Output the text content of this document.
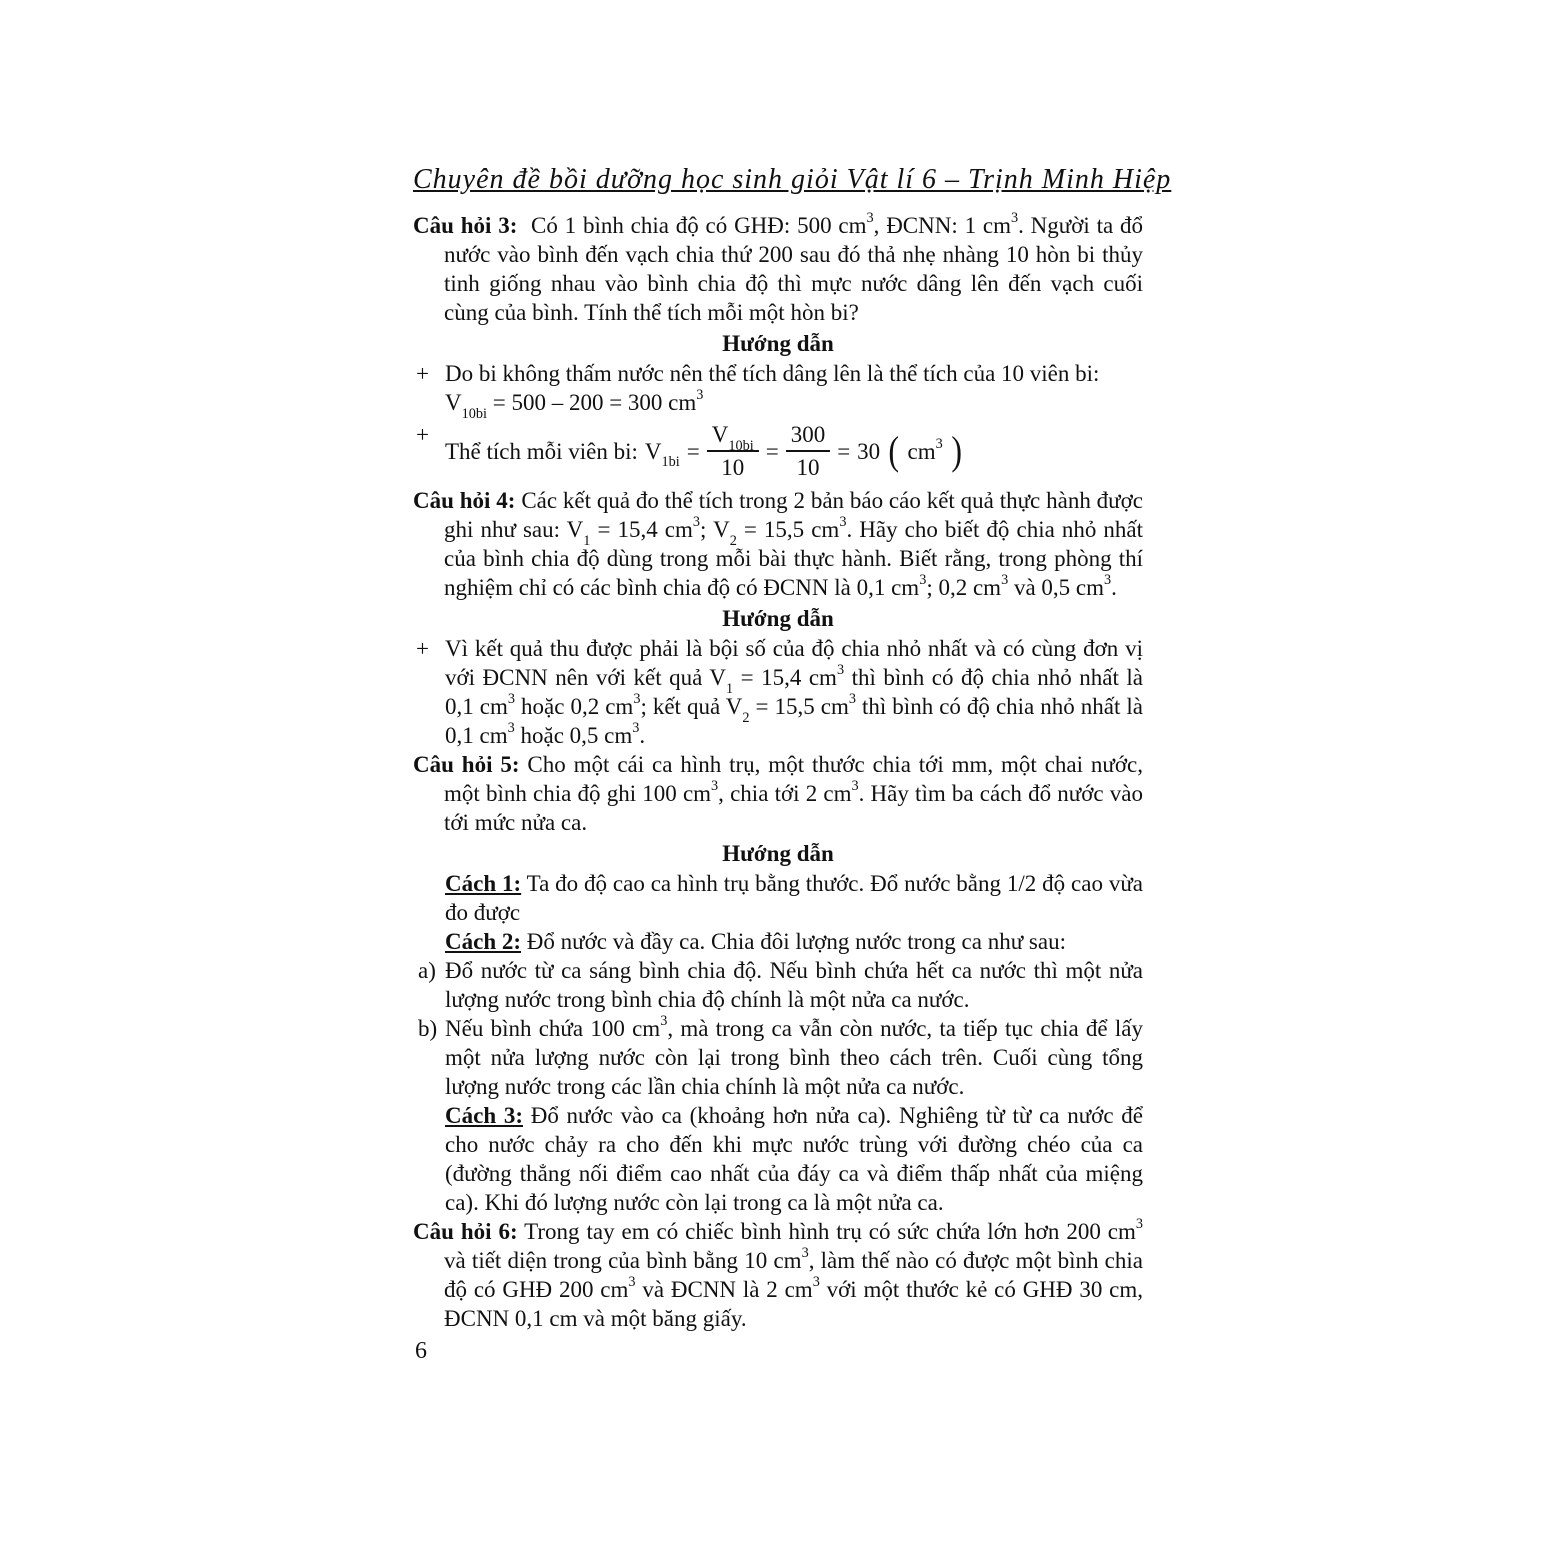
Chuyên đề bồi dưỡng học sinh giỏi Vật lí 6 – Trịnh Minh Hiệp

Câu hỏi 3: Có 1 bình chia độ có GHĐ: 500 $cm^3$, ĐCNN: 1 $cm^3$. Người ta đổ nước vào bình đến vạch chia thứ 200 sau đó thả nhẹ nhàng 10 hòn bi thủy tinh giống nhau vào bình chia độ thì mực nước dâng lên đến vạch cuối cùng của bình. Tính thể tích mỗi một hòn bi?

Hướng dẫn

+ Do bi không thấm nước nên thể tích dâng lên là thể tích của 10 viên bi:

$V_{10bi} = 500 - 200 = 300$ $cm^3$

+
Thể tích mỗi viên bi: $V_{1bi} = \frac{V_{10bi}}{10} = \frac{300}{10} = 30$ ( $cm^3$ )

Câu hỏi 4: Các kết quả đo thể tích trong 2 bản báo cáo kết quả thực hành được ghi như sau: $V_1 = 15,4$ $cm^3$; $V_2 = 15,5$ $cm^3$. Hãy cho biết độ chia nhỏ nhất của bình chia độ dùng trong mỗi bài thực hành. Biết rằng, trong phòng thí nghiệm chỉ có các bình chia độ có ĐCNN là 0,1 $cm^3$; 0,2 $cm^3$ và 0,5 $cm^3$.

Hướng dẫn

+ Vì kết quả thu được phải là bội số của độ chia nhỏ nhất và có cùng đơn vị với ĐCNN nên với kết quả $V_1 = 15,4$ $cm^3$ thì bình có độ chia nhỏ nhất là 0,1 $cm^3$ hoặc 0,2 $cm^3$; kết quả $V_2 = 15,5$ $cm^3$ thì bình có độ chia nhỏ nhất là 0,1 $cm^3$ hoặc 0,5 $cm^3$.

Câu hỏi 5: Cho một cái ca hình trụ, một thước chia tới mm, một chai nước, một bình chia độ ghi 100 $cm^3$, chia tới 2 $cm^3$. Hãy tìm ba cách đổ nước vào tới mức nửa ca.

Hướng dẫn

Cách 1: Ta đo độ cao ca hình trụ bằng thước. Đổ nước bằng 1/2 độ cao vừa đo được

Cách 2: Đổ nước và đầy ca. Chia đôi lượng nước trong ca như sau:

a) Đổ nước từ ca sáng bình chia độ. Nếu bình chứa hết ca nước thì một nửa lượng nước trong bình chia độ chính là một nửa ca nước.
b) Nếu bình chứa 100 $cm^3$, mà trong ca vẫn còn nước, ta tiếp tục chia để lấy một nửa lượng nước còn lại trong bình theo cách trên. Cuối cùng tổng lượng nước trong các lần chia chính là một nửa ca nước.

Cách 3: Đổ nước vào ca (khoảng hơn nửa ca). Nghiêng từ từ ca nước để cho nước chảy ra cho đến khi mực nước trùng với đường chéo của ca (đường thẳng nối điểm cao nhất của đáy ca và điểm thấp nhất của miệng ca). Khi đó lượng nước còn lại trong ca là một nửa ca.

Câu hỏi 6: Trong tay em có chiếc bình hình trụ có sức chứa lớn hơn 200 $cm^3$ và tiết diện trong của bình bằng 10 $cm^3$, làm thế nào có được một bình chia độ có GHĐ 200 $cm^3$ và ĐCNN là 2 $cm^3$ với một thước kẻ có GHĐ 30 cm, ĐCNN 0,1 cm và một băng giấy.

6
